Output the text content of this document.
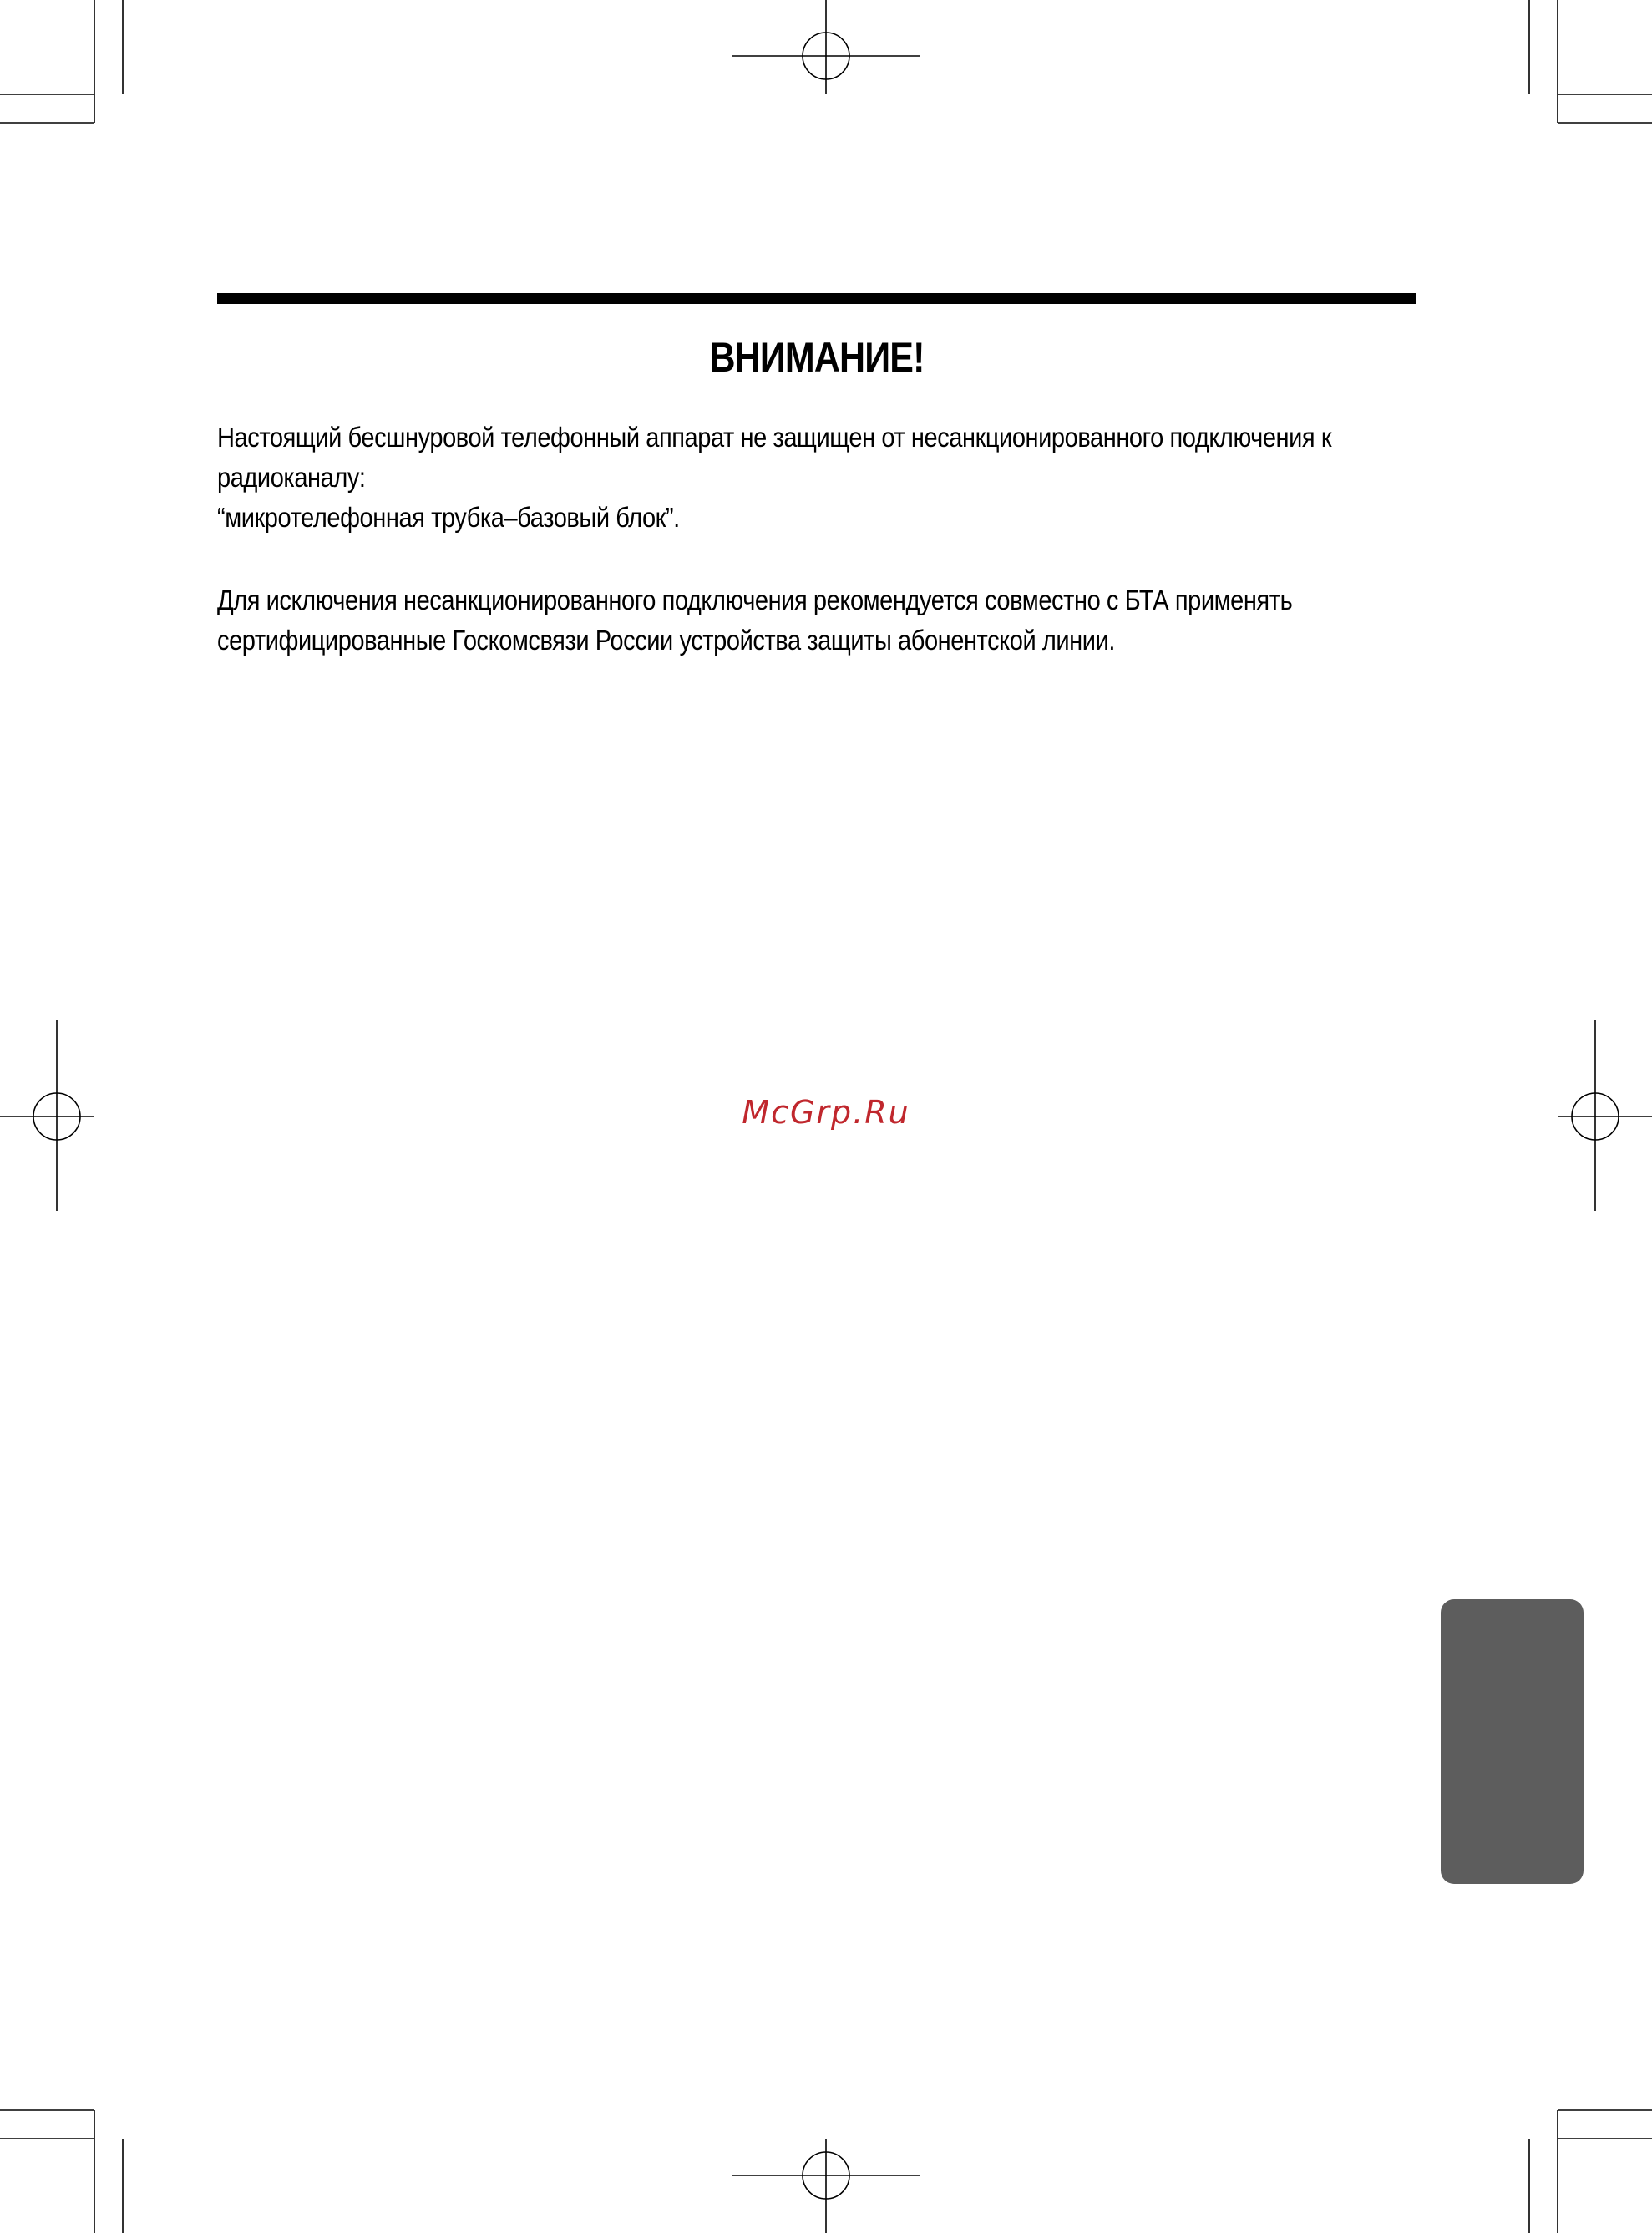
ВНИМАНИЕ!
Настоящий бесшнуровой телефонный аппарат не защищен от несанкционированного подключения к
радиоканалу:
“микротелефонная трубка–базовый блок”.
Для исключения несанкционированного подключения рекомендуется совместно с БТА применять
сертифицированные Госкомсвязи России устройства защиты абонентской линии.
McGrp.Ru
